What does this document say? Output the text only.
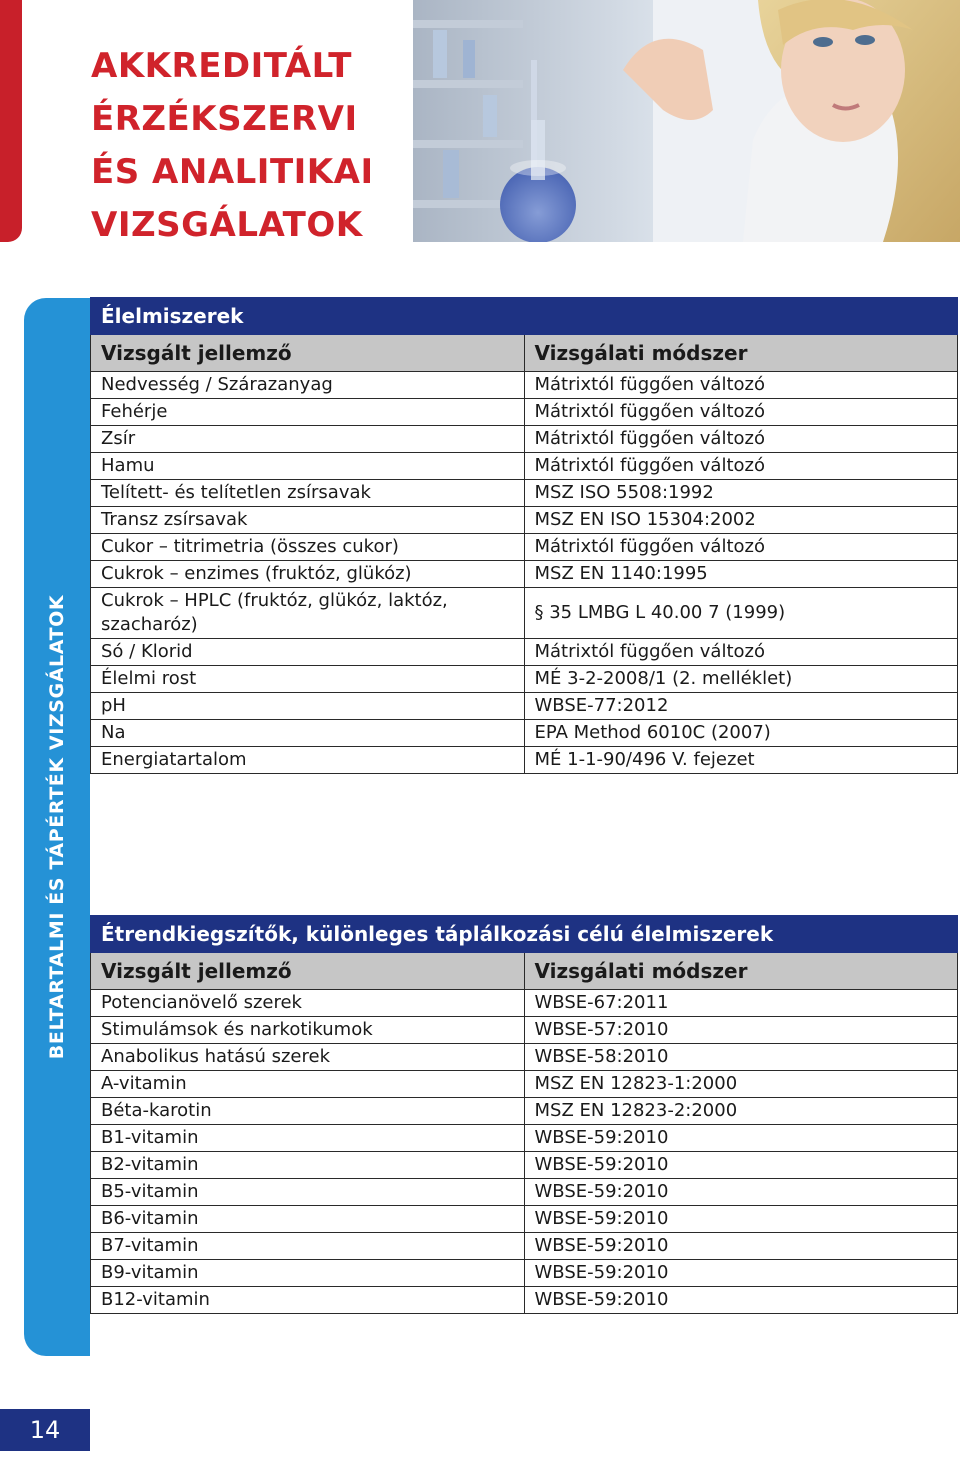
AKKREDITÁLT
ÉRZÉKSZERVI
ÉS ANALITIKAI
VIZSGÁLATOK
BELTARTALMI ÉS TÁPÉRTÉK VIZSGÁLATOK
Élelmiszerek	
Vizsgált jellemző	Vizsgálati módszer
Nedvesség / Szárazanyag	Mátrixtól függően változó
Fehérje	Mátrixtól függően változó
Zsír	Mátrixtól függően változó
Hamu	Mátrixtól függően változó
Telített- és telítetlen zsírsavak	MSZ ISO 5508:1992
Transz zsírsavak	MSZ EN ISO 15304:2002
Cukor – titrimetria (összes cukor)	Mátrixtól függően változó
Cukrok – enzimes (fruktóz, glükóz)	MSZ EN 1140:1995
Cukrok – HPLC (fruktóz, glükóz, laktóz, szacharóz)	§ 35 LMBG L 40.00 7 (1999)
Só / Klorid	Mátrixtól függően változó
Élelmi rost	MÉ 3-2-2008/1 (2. melléklet)
pH	WBSE-77:2012
Na	EPA Method 6010C (2007)
Energiatartalom	MÉ 1-1-90/496 V. fejezet
Étrendkiegszítők, különleges táplálkozási célú élelmiszerek	
Vizsgált jellemző	Vizsgálati módszer
Potencianövelő szerek	WBSE-67:2011
Stimulámsok és narkotikumok	WBSE-57:2010
Anabolikus hatású szerek	WBSE-58:2010
A-vitamin	MSZ EN 12823-1:2000
Béta-karotin	MSZ EN 12823-2:2000
B1-vitamin	WBSE-59:2010
B2-vitamin	WBSE-59:2010
B5-vitamin	WBSE-59:2010
B6-vitamin	WBSE-59:2010
B7-vitamin	WBSE-59:2010
B9-vitamin	WBSE-59:2010
B12-vitamin	WBSE-59:2010
14
